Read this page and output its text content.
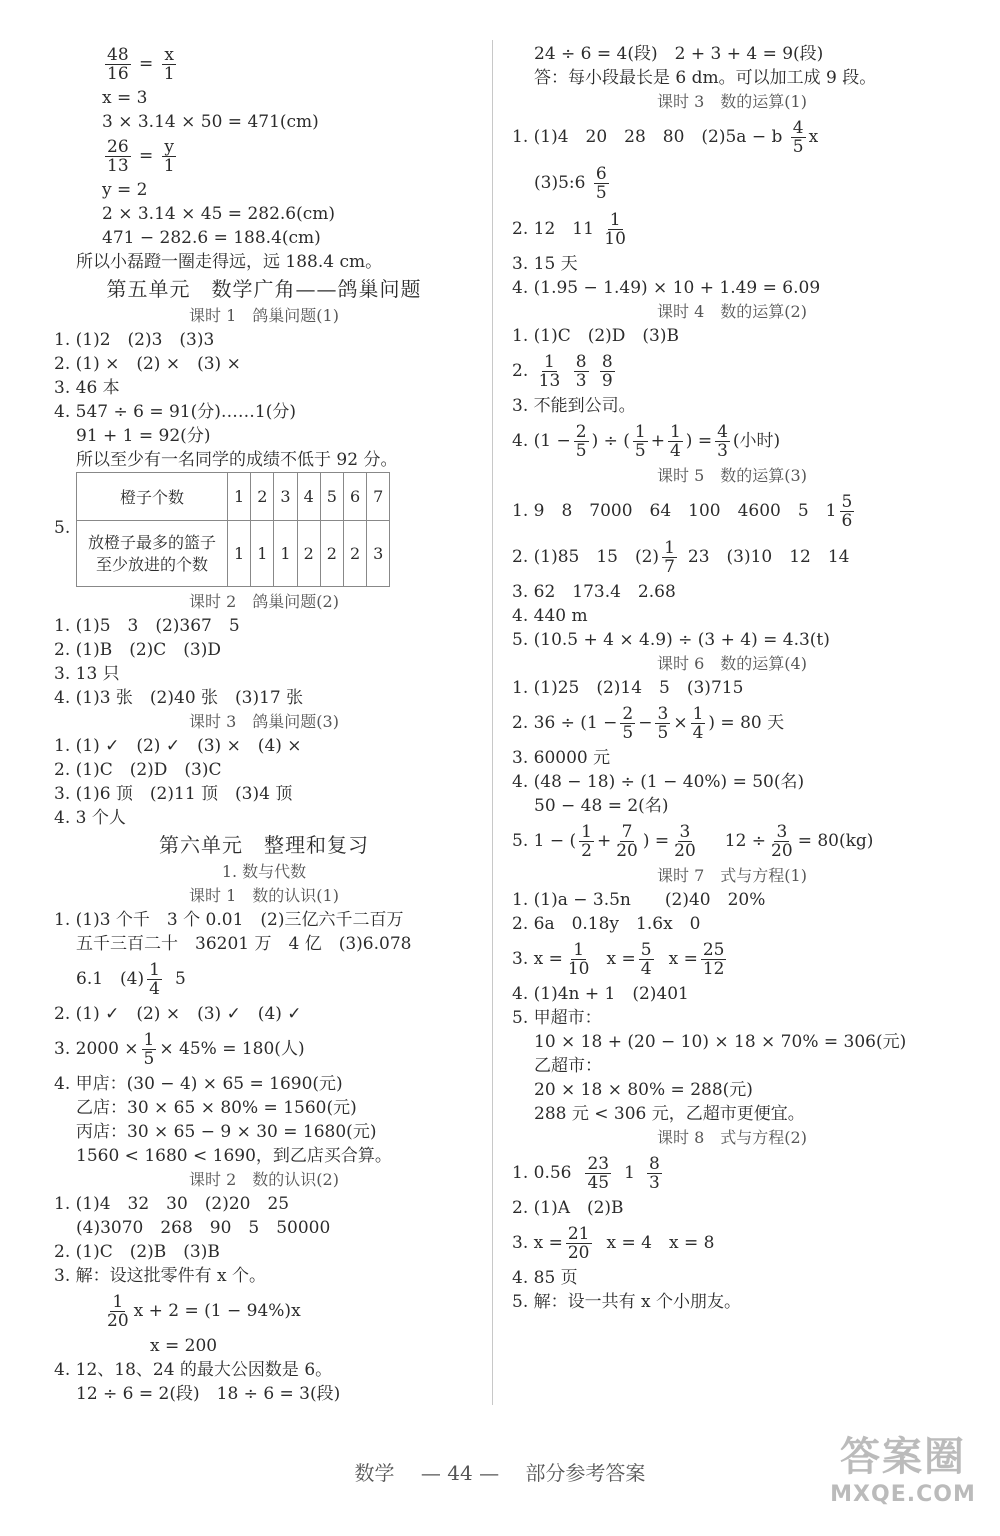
$\frac{48}{16} = \frac{x}{1}$
x = 3
3 × 3.14 × 50 = 471(cm)
$\frac{26}{13} = \frac{y}{1}$
y = 2
2 × 3.14 × 45 = 282.6(cm)
471 − 282.6 = 188.4(cm)
所以小磊蹬一圈走得远，远 188.4 cm。
第五单元　数学广角——鸽巢问题
课时 1　鸽巢问题(1)
1. (1)2　(2)3　(3)3
2. (1) ×　(2) ×　(3) ×
3. 46 本
4. 547 ÷ 6 = 91(分)……1(分)
91 + 1 = 92(分)
所以至少有一名同学的成绩不低于 92 分。
5.
橙子个数	1	2	3	4	5	6	7
放橙子最多的篮子至少放进的个数	1	1	1	2	2	2	3
课时 2　鸽巢问题(2)
1. (1)5　3　(2)367　5
2. (1)B　(2)C　(3)D
3. 13 只
4. (1)3 张　(2)40 张　(3)17 张
课时 3　鸽巢问题(3)
1. (1) ✓　(2) ✓　(3) ×　(4) ×
2. (1)C　(2)D　(3)C
3. (1)6 顶　(2)11 顶　(3)4 顶
4. 3 个人
第六单元　整理和复习
1. 数与代数
课时 1　数的认识(1)
1. (1)3 个千　3 个 0.01　(2)三亿六千二百万
五千三百二十　36201 万　4 亿　(3)6.078
6.1　$(4) \frac{1}{4} 5$
2. (1) ✓　(2) ×　(3) ✓　(4) ✓
3. $2000 \times \frac{1}{5} \times 45\% = 180$(人)
4. 甲店：(30 − 4) × 65 = 1690(元)
乙店：30 × 65 × 80% = 1560(元)
丙店：30 × 65 − 9 × 30 = 1680(元)
1560 < 1680 < 1690，到乙店买合算。
课时 2　数的认识(2)
1. (1)4　32　30　(2)20　25
(4)3070　268　90　5　50000
2. (1)C　(2)B　(3)B
3. 解：设这批零件有 x 个。
$\frac{1}{20}$ x + 2 = (1 − 94%)x
x = 200
4. 12、18、24 的最大公因数是 6。
12 ÷ 6 = 2(段)　18 ÷ 6 = 3(段)
24 ÷ 6 = 4(段)　2 + 3 + 4 = 9(段)
答：每小段最长是 6 dm。可以加工成 9 段。
课时 3　数的运算(1)
1. (1)4　20　28　80　(2)5a − b $\frac{4}{5}$ x
(3)5:6 $\frac{6}{5}$
2. 12　$11 \frac{1}{10}$
3. 15 天
4. (1.95 − 1.49) × 10 + 1.49 = 6.09
课时 4　数的运算(2)
1. (1)C　(2)D　(3)B
2. $\frac{1}{13}$
$\frac{8}{3}$
$\frac{8}{9}$
3. 不能到公司。
4. ($1 - \frac{2}{5}$ ) ÷ ( $\frac{1}{5} + \frac{1}{4}$ ) = $\frac{4}{3}$ (小时)
课时 5　数的运算(3)
1. 9　8　7000　64　100　4600　5　$1 \frac{5}{6}$
2. (1)85　15　$(2) \frac{1}{7} 23$　(3)10　12　14
3. 62　173.4　2.68
4. 440 m
5. (10.5 + 4 × 4.9) ÷ (3 + 4) = 4.3(t)
课时 6　数的运算(4)
1. (1)25　(2)14　5　(3)715
2. $36 \div (1 - \frac{2}{5} - \frac{3}{5} \times \frac{1}{4}$ ) = 80 天
3. 60000 元
4. (48 − 18) ÷ (1 − 40%) = 50(名)
50 − 48 = 2(名)
5. 1 − ( $\frac{1}{2} + \frac{7}{20}$ ) = $\frac{3}{20} 12 \div \frac{3}{20} = 80(kg)$
课时 7　式与方程(1)
1. (1)a − 3.5n　　(2)40　20%
2. 6a　0.18y　1.6x　0
3. $x = \frac{1}{10}$ $x = \frac{5}{4}$ $x = \frac{25}{12}$
4. (1)4n + 1　(2)401
5. 甲超市：
10 × 18 + (20 − 10) × 18 × 70% = 306(元)
乙超市：
20 × 18 × 80% = 288(元)
288 元 < 306 元，乙超市更便宜。
课时 8　式与方程(2)
1. $0.56 \frac{23}{45} 1 \frac{8}{3}$
2. (1)A　(2)B
3. $x = \frac{21}{20}$ x = 4　x = 8
4. 85 页
5. 解：设一共有 x 个小朋友。
数学 — 44 — 部分参考答案	答案圈
MXQE.COM
